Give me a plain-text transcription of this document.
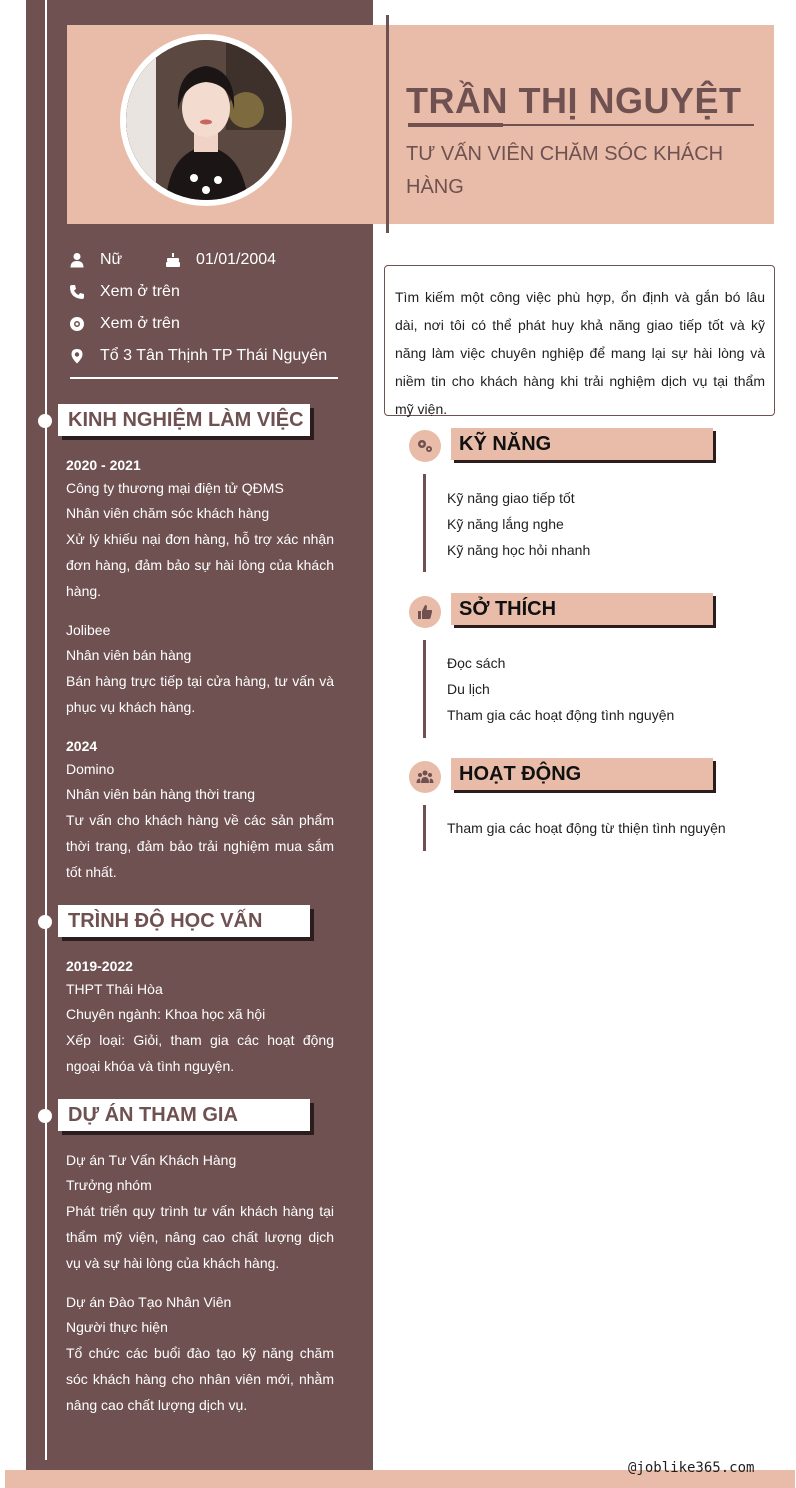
TRẦN THỊ NGUYỆT
TƯ VẤN VIÊN CHĂM SÓC KHÁCH HÀNG
Nữ	01/01/2004
Xem ở trên
Xem ở trên
Tổ 3 Tân Thịnh TP Thái Nguyên
KINH NGHIỆM LÀM VIỆC
2020 - 2021
Công ty thương mại điện tử QĐMS
Nhân viên chăm sóc khách hàng
Xử lý khiếu nại đơn hàng, hỗ trợ xác nhận đơn hàng, đảm bảo sự hài lòng của khách hàng.
Jolibee
Nhân viên bán hàng
Bán hàng trực tiếp tại cửa hàng, tư vấn và phục vụ khách hàng.
2024
Domino
Nhân viên bán hàng thời trang
Tư vấn cho khách hàng về các sản phẩm thời trang, đảm bảo trải nghiệm mua sắm tốt nhất.
TRÌNH ĐỘ HỌC VẤN
2019-2022
THPT Thái Hòa
Chuyên ngành: Khoa học xã hội
Xếp loại: Giỏi, tham gia các hoạt động ngoại khóa và tình nguyện.
DỰ ÁN THAM GIA
Dự án Tư Vấn Khách Hàng
Trưởng nhóm
Phát triển quy trình tư vấn khách hàng tại thẩm mỹ viện, nâng cao chất lượng dịch vụ và sự hài lòng của khách hàng.
Dự án Đào Tạo Nhân Viên
Người thực hiện
Tổ chức các buổi đào tạo kỹ năng chăm sóc khách hàng cho nhân viên mới, nhằm nâng cao chất lượng dịch vụ.
Tìm kiếm một công việc phù hợp, ổn định và gắn bó lâu dài, nơi tôi có thể phát huy khả năng giao tiếp tốt và kỹ năng làm việc chuyên nghiệp để mang lại sự hài lòng và niềm tin cho khách hàng khi trải nghiệm dịch vụ tại thẩm mỹ viện.
KỸ NĂNG
Kỹ năng giao tiếp tốt
Kỹ năng lắng nghe
Kỹ năng học hỏi nhanh
SỞ THÍCH
Đọc sách
Du lịch
Tham gia các hoạt động tình nguyện
HOẠT ĐỘNG
Tham gia các hoạt động từ thiện tình nguyện
@joblike365.com
